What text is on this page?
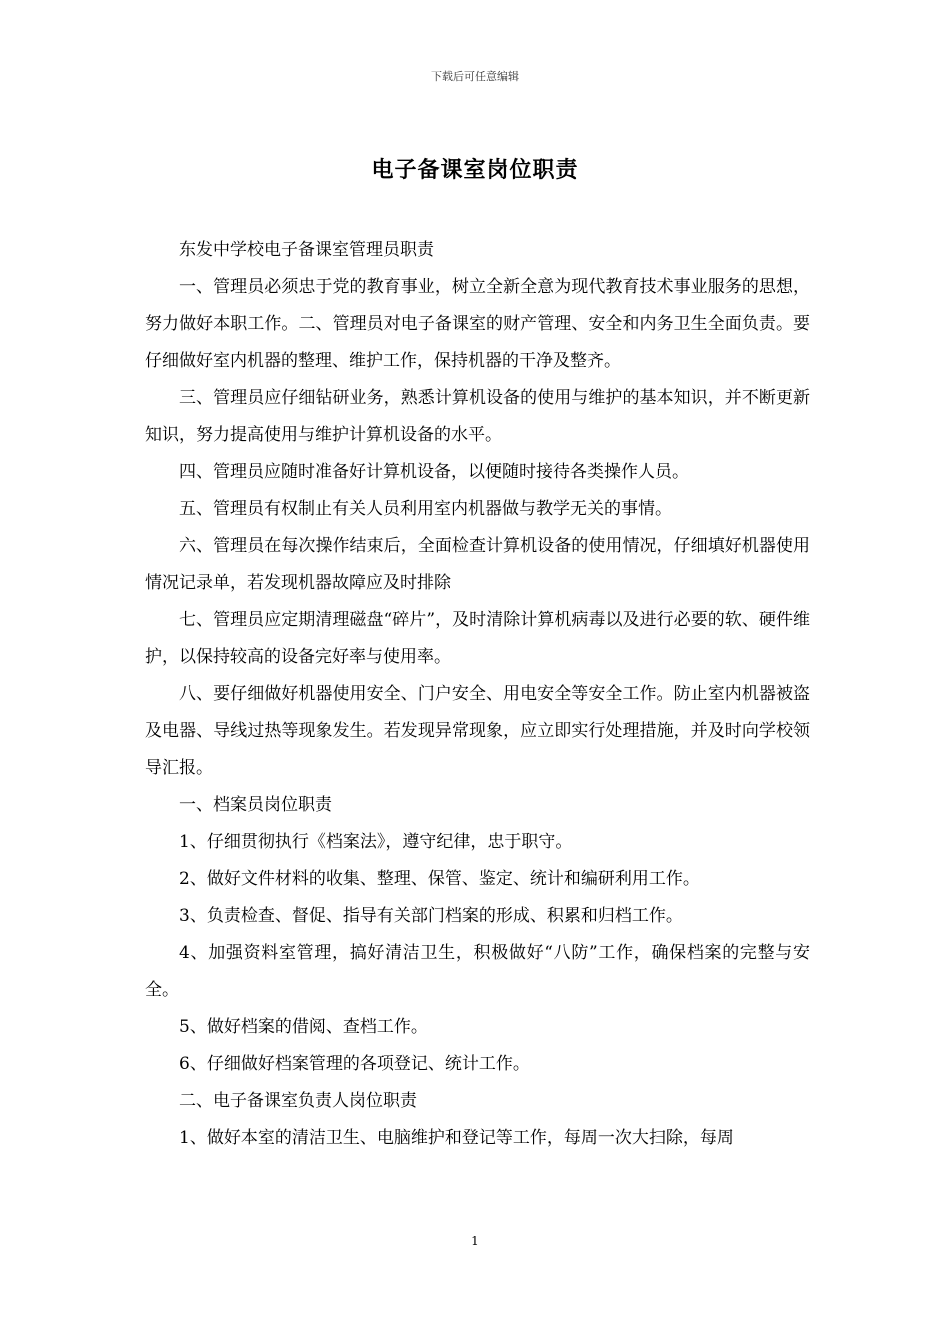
下载后可任意编辑
电子备课室岗位职责

东发中学校电子备课室管理员职责

一、管理员必须忠于党的教育事业，树立全新全意为现代教育技术事业服务的思想，努力做好本职工作。二、管理员对电子备课室的财产管理、安全和内务卫生全面负责。要仔细做好室内机器的整理、维护工作，保持机器的干净及整齐。

三、管理员应仔细钻研业务，熟悉计算机设备的使用与维护的基本知识，并不断更新知识，努力提高使用与维护计算机设备的水平。

四、管理员应随时准备好计算机设备，以便随时接待各类操作人员。

五、管理员有权制止有关人员利用室内机器做与教学无关的事情。

六、管理员在每次操作结束后，全面检查计算机设备的使用情况，仔细填好机器使用情况记录单，若发现机器故障应及时排除

七、管理员应定期清理磁盘“碎片”，及时清除计算机病毒以及进行必要的软、硬件维护，以保持较高的设备完好率与使用率。

八、要仔细做好机器使用安全、门户安全、用电安全等安全工作。防止室内机器被盗及电器、导线过热等现象发生。若发现异常现象，应立即实行处理措施，并及时向学校领导汇报。

一、档案员岗位职责

1、仔细贯彻执行《档案法》，遵守纪律，忠于职守。

2、做好文件材料的收集、整理、保管、鉴定、统计和编研利用工作。

3、负责检查、督促、指导有关部门档案的形成、积累和归档工作。

4、加强资料室管理，搞好清洁卫生，积极做好“八防”工作，确保档案的完整与安全。

5、做好档案的借阅、查档工作。

6、仔细做好档案管理的各项登记、统计工作。

二、电子备课室负责人岗位职责

1、做好本室的清洁卫生、电脑维护和登记等工作，每周一次大扫除，每周

1
